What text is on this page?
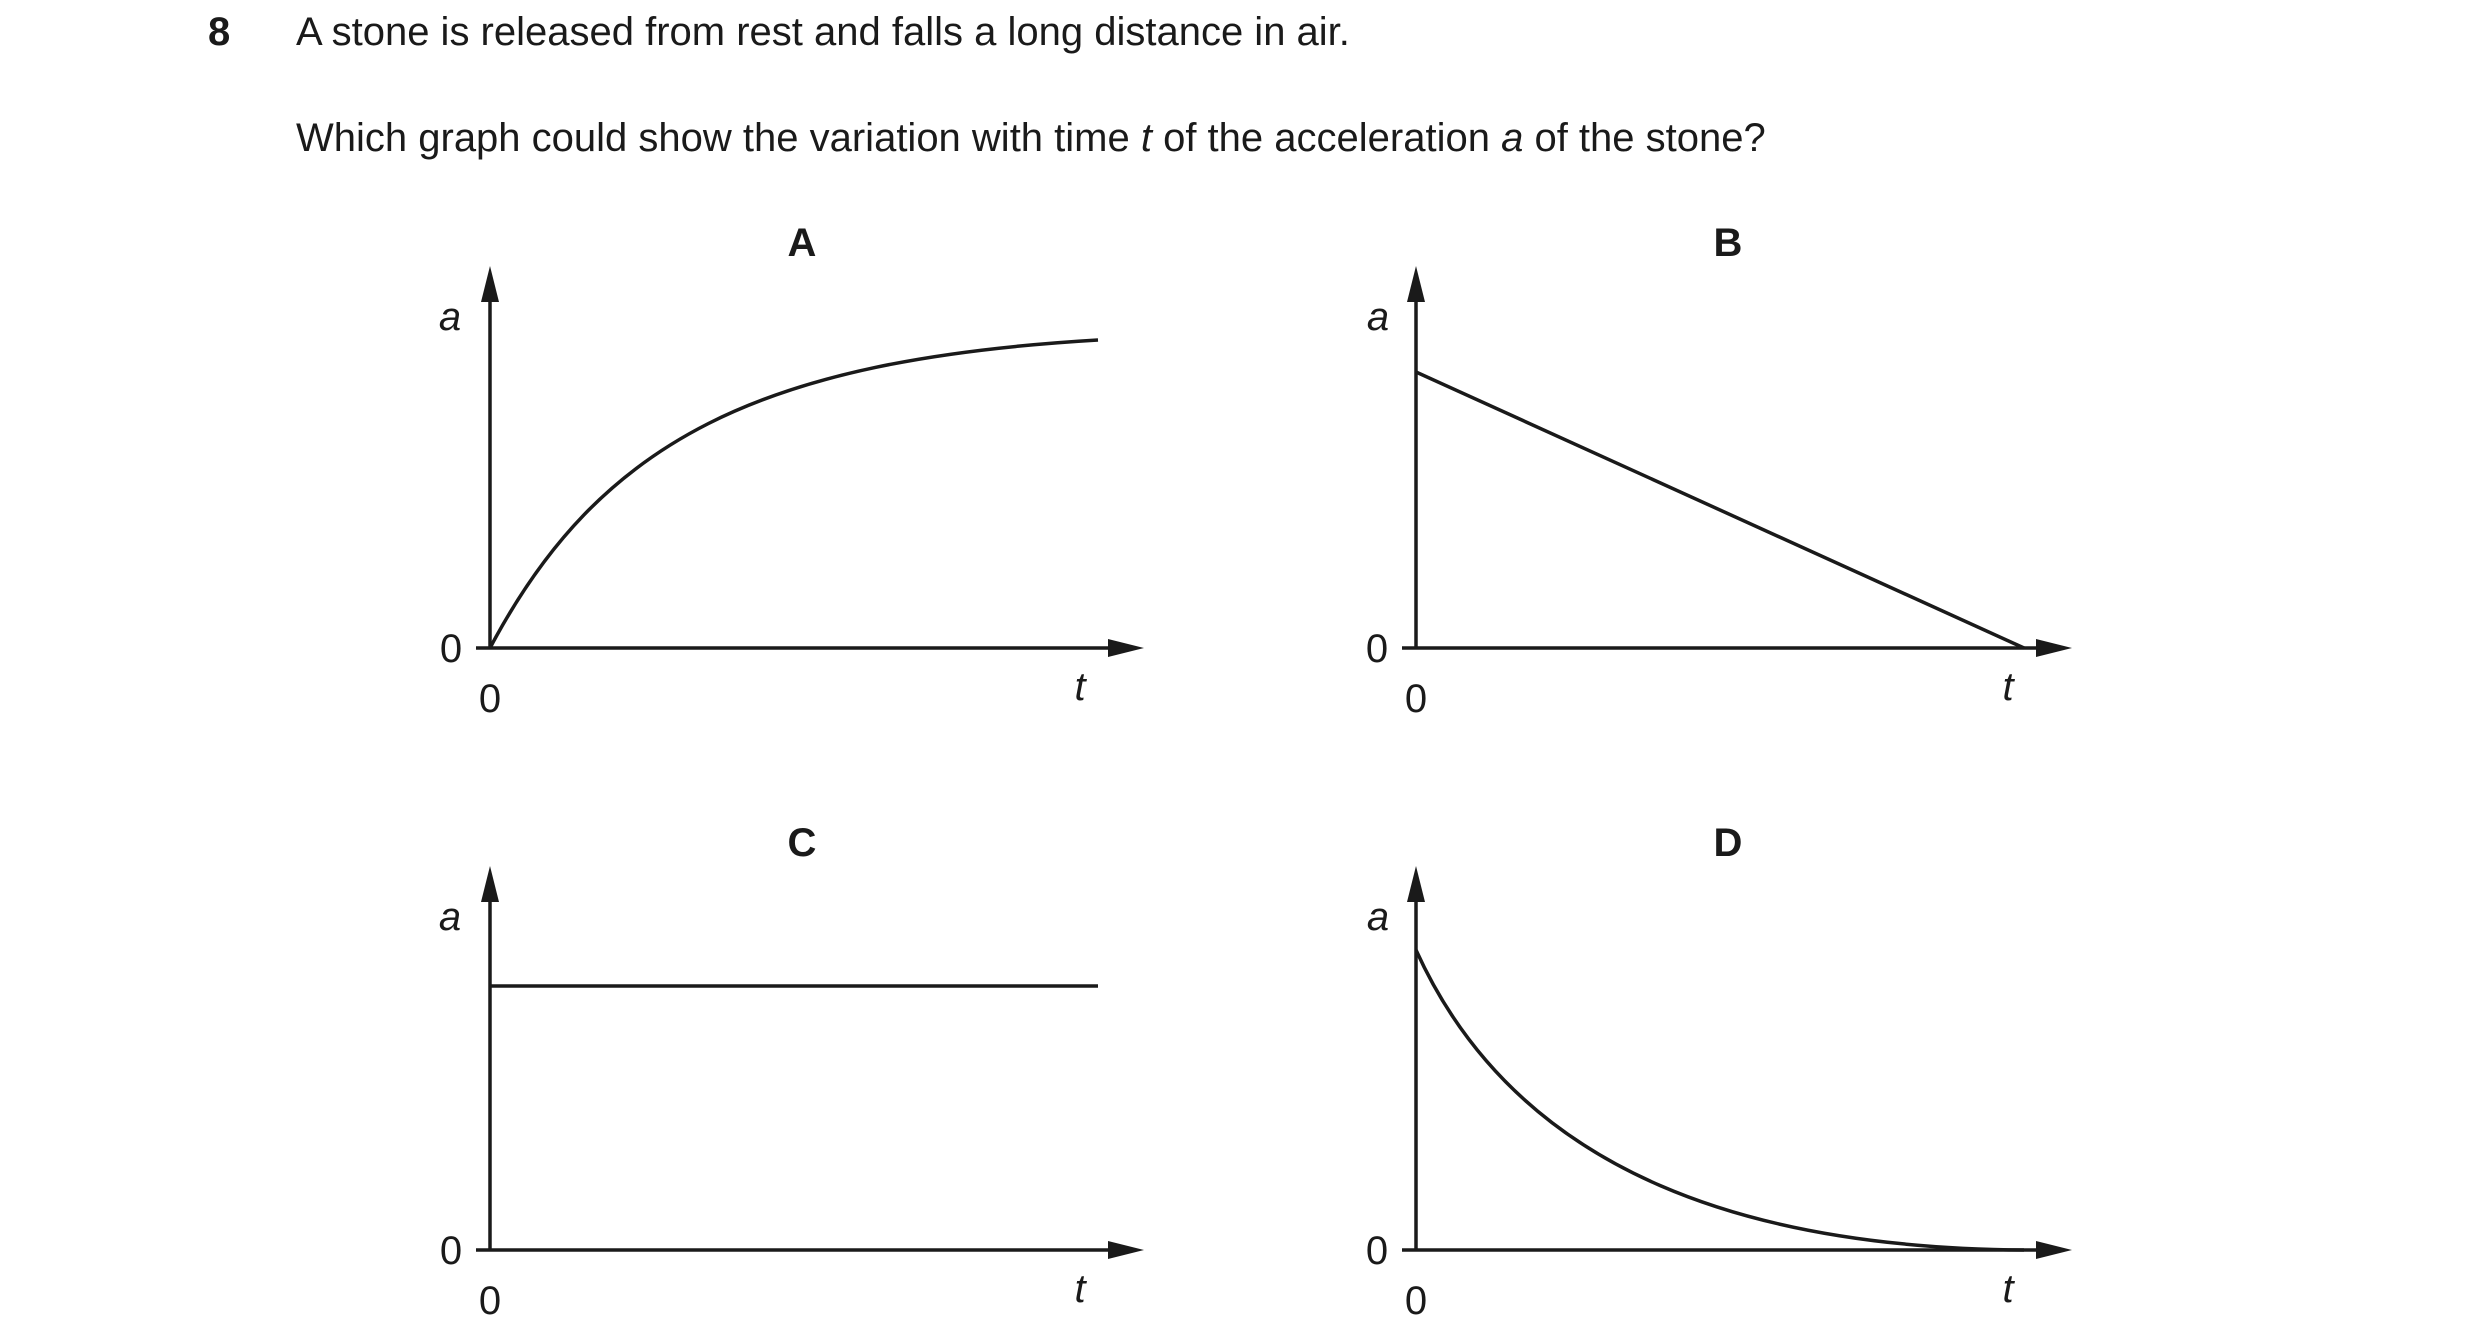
8 A stone is released from rest and falls a long distance in air.
Which graph could show the variation with time t of the acceleration a of the stone?
A
a
0
0	t
B
a
0
0	t
C
a
0
0	t
D
a
0
0	t
